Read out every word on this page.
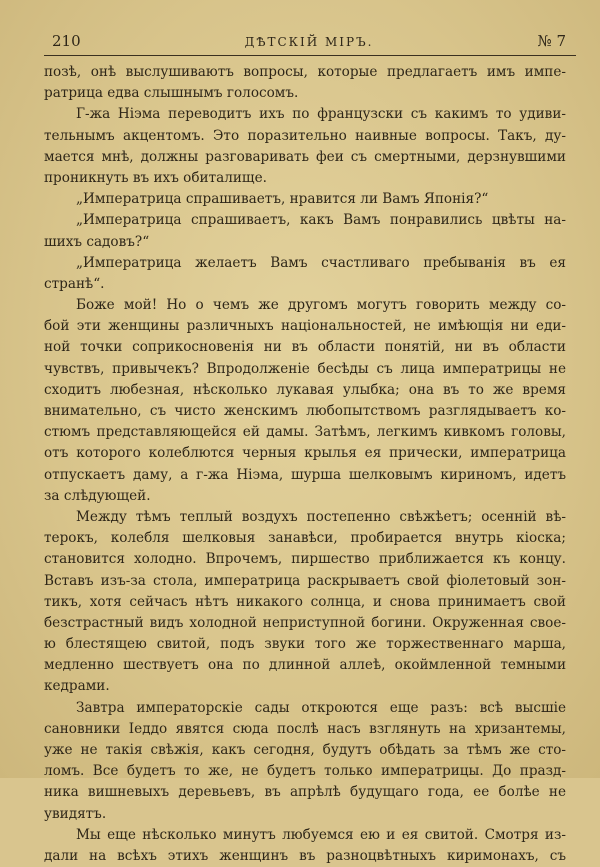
210	ДѢТСКІЙ МІРЪ.	№ 7
позѣ, онѣ выслушиваютъ вопросы, которые предлагаетъ имъ импе-
ратрица едва слышнымъ голосомъ.
Г-жа Ніэма переводитъ ихъ по французски съ какимъ то удиви-
тельнымъ акцентомъ. Это поразительно наивные вопросы. Такъ, ду-
мается мнѣ, должны разговаривать феи съ смертными, дерзнувшими
проникнуть въ ихъ обиталище.
„Императрица спрашиваетъ, нравится ли Вамъ Японія?“
„Императрица спрашиваетъ, какъ Вамъ понравились цвѣты на-
шихъ садовъ?“
„Императрица желаетъ Вамъ счастливаго пребыванія въ ея
странѣ“.
Боже мой! Но о чемъ же другомъ могутъ говорить между со-
бой эти женщины различныхъ національностей, не имѣющія ни еди-
ной точки соприкосновенія ни въ области понятій, ни въ области
чувствъ, привычекъ? Впродолженіе бесѣды съ лица императрицы не
сходитъ любезная, нѣсколько лукавая улыбка; она въ то же время
внимательно, съ чисто женскимъ любопытствомъ разглядываетъ ко-
стюмъ представляющейся ей дамы. Затѣмъ, легкимъ кивкомъ головы,
отъ которого колеблются черныя крылья ея прически, императрица
отпускаетъ даму, а г-жа Ніэма, шурша шелковымъ кириномъ, идетъ
за слѣдующей.
Между тѣмъ теплый воздухъ постепенно свѣжѣетъ; осенній вѣ-
терокъ, колебля шелковыя занавѣси, пробирается внутрь кіоска;
становится холодно. Впрочемъ, пиршество приближается къ концу.
Вставъ изъ-за стола, императрица раскрываетъ свой фіолетовый зон-
тикъ, хотя сейчасъ нѣтъ никакого солнца, и снова принимаетъ свой
безстрастный видъ холодной неприступной богини. Окруженная свое-
ю блестящею свитой, подъ звуки того же торжественнаго марша,
медленно шествуетъ она по длинной аллеѣ, окоймленной темными
кедрами.
Завтра императорскіе сады откроются еще разъ: всѣ высшіе
сановники Іеддо явятся сюда послѣ насъ взглянуть на хризантемы,
уже не такія свѣжія, какъ сегодня, будутъ обѣдать за тѣмъ же сто-
ломъ. Все будетъ то же, не будетъ только императрицы. До празд-
ника вишневыхъ деревьевъ, въ апрѣлѣ будущаго года, ее болѣе не
увидятъ.
Мы еще нѣсколько минутъ любуемся ею и ея свитой. Смотря из-
дали на всѣхъ этихъ женщинъ въ разноцвѣтныхъ киримонахъ, съ
